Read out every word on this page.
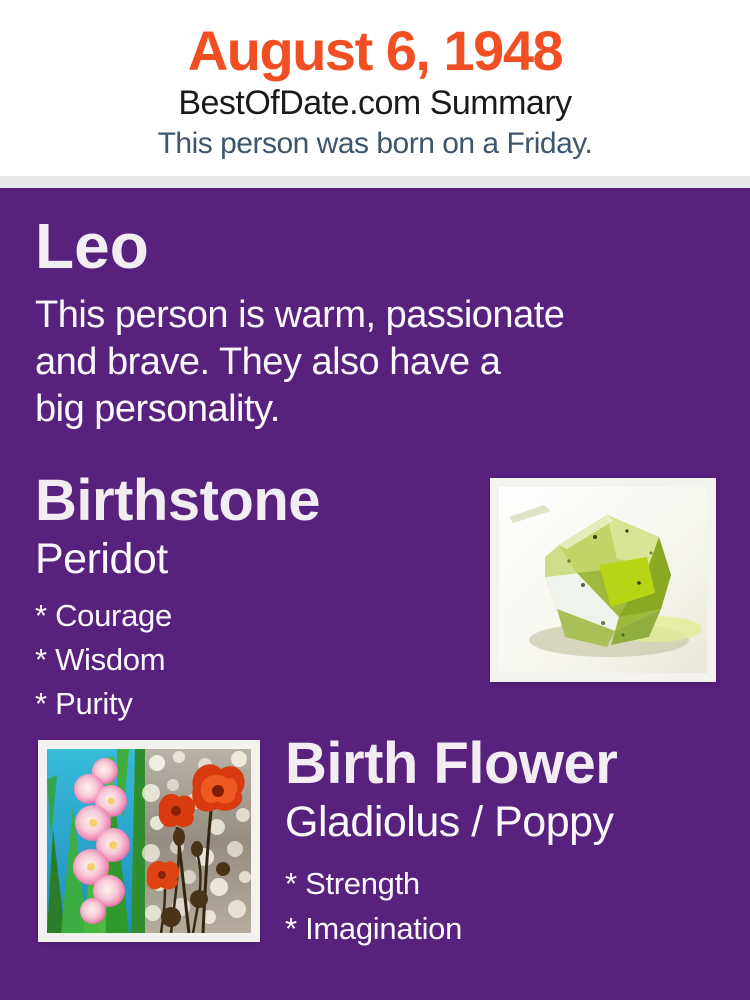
August 6, 1948
BestOfDate.com Summary
This person was born on a Friday.
Leo
This person is warm, passionate
and brave. They also have a
big personality.
Birthstone
Peridot
* Courage
* Wisdom
* Purity
Birth Flower
Gladiolus / Poppy
* Strength
* Imagination
